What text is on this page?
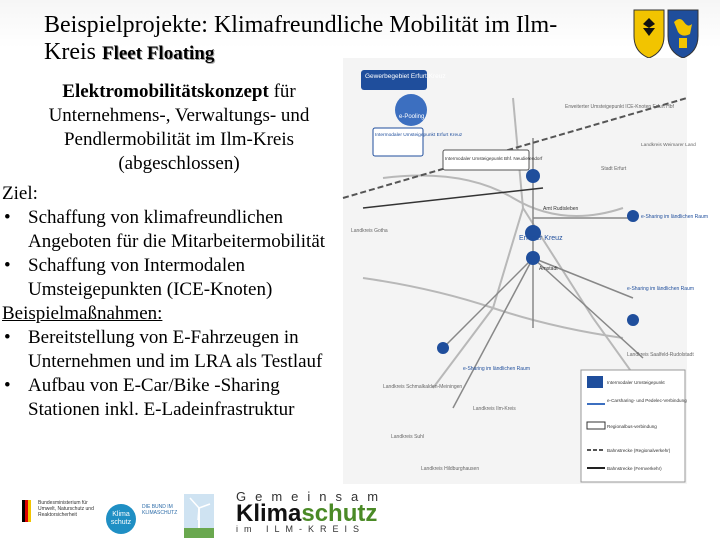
Beispielprojekte: Klimafreundliche Mobilität im Ilm-
Kreis Fleet Floating
Elektromobilitätskonzept für
Unternehmens-, Verwaltungs- und
Pendlermobilität im Ilm-Kreis
(abgeschlossen)
Ziel:
• Schaffung von klimafreundlichen Angeboten für die Mitarbeitermobilität
• Schaffung von Intermodalen Umsteigepunkten (ICE-Knoten)
Beispielmaßnahmen:
• Bereitstellung von E-Fahrzeugen in Unternehmen und im LRA als Testlauf
• Aufbau von E-Car/Bike -Sharing Stationen inkl. E-Ladeinfrastruktur
Gewerbegebiet Erfurt Kreuz
e-Pooling
Intermodaler Umsteigepunkt Erfurt Kreuz
Intermodaler Umsteigepunkt Bhf. Neudietendorf
Erweiterter Umsteigepunkt ICE-Knoten Erfurt Hbf
Stadt Erfurt
Landkreis Weimarer Land
Landkreis Gotha
Amt Rudisleben
Erfurter Kreuz
Arnstadt
e-Sharing im ländlichen Raum
e-Sharing im ländlichen Raum
e-Sharing im ländlichen Raum
Landkreis Saalfeld-Rudolstadt
Landkreis Ilm-Kreis
Landkreis Schmalkalden-Meiningen
Landkreis Suhl
Landkreis Hildburghausen
Intermodaler Umsteigepunkt
e-Carsharing- und Pedelec-Verbindung
Regionalbus-verbindung
Bahnstrecke (Regionalverkehr)
Bahnstrecke (Fernverkehr)
Bundesministerium für Umwelt, Naturschutz und Reaktorsicherheit	Klima schutz
DIE BUND IM KLIMASCHUTZ
Gemeinsam
Klimaschutz
im ILM-KREIS
